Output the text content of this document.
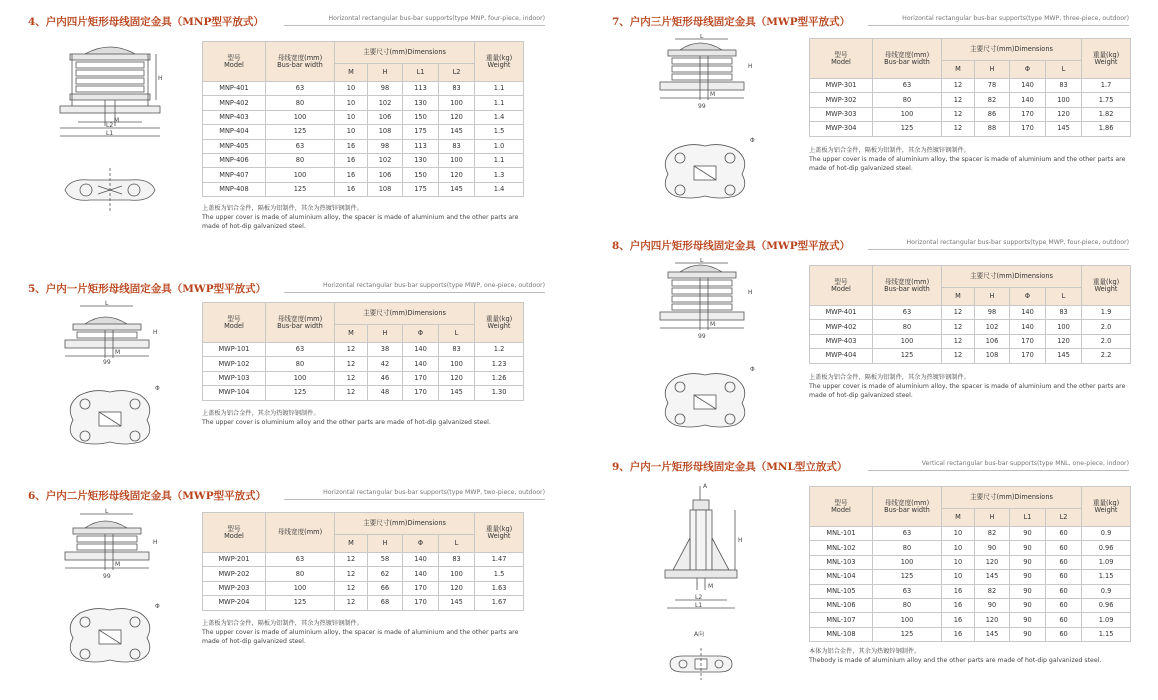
4、户内四片矩形母线固定金具（MNP型平放式）	Horizontal rectangular bus-bar supports(type MNP, four-piece, indoor)
H
M
L2
L1
型号
Model	母线宽度(mm)
Bus-bar width	主要尺寸(mm)Dimensions				重量(kg)
Weight

		M	H	L1	L2	
MNP-401	63	10	98	113	83	1.1
MNP-402	80	10	102	130	100	1.1
MNP-403	100	10	106	150	120	1.4
MNP-404	125	10	108	175	145	1.5
MNP-405	63	16	98	113	83	1.0
MNP-406	80	16	102	130	100	1.1
MNP-407	100	16	106	150	120	1.3
MNP-408	125	16	108	175	145	1.4
上盖板为铝合金件，隔板为铝制件，其余为热镀锌钢制件。
The upper cover is made of aluminium alloy, the spacer is made of aluminium and the other parts are made of hot-dip galvanized steel.
5、户内一片矩形母线固定金具（MWP型平放式）	Horizontal rectangular bus-bar supports(type MWP, one-piece, outdoor)
L
H
M
99
Φ
型号
Model	母线宽度(mm)
Bus-bar width	主要尺寸(mm)Dimensions				重量(kg)
Weight

		M	H	Φ	L	
MWP-101	63	12	38	140	83	1.2
MWP-102	80	12	42	140	100	1.23
MWP-103	100	12	46	170	120	1.26
MWP-104	125	12	48	170	145	1.30
上盖板为铝合金件，其余为热镀锌钢制件。
The upper cover is oluminium alloy and the other parts are made of hot-dip galvanized steel.
6、户内二片矩形母线固定金具（MWP型平放式）	Horizontal rectangular bus-bar supports(type MWP, two-piece, outdoor)
L
H
M
99
Φ
型号
Model	母线宽度(mm)	主要尺寸(mm)Dimensions				重量(kg)
Weight

		M	H	Φ	L	
MWP-201	63	12	58	140	83	1.47
MWP-202	80	12	62	140	100	1.5
MWP-203	100	12	66	170	120	1.63
MWP-204	125	12	68	170	145	1.67
上盖板为铝合金件，隔板为铝制件，其余为热镀锌钢制件。
The upper cover is made of aluminium alloy, the spacer is made of aluminium and the other parts are made of hot-dip galvanized steel.
7、户内三片矩形母线固定金具（MWP型平放式）	Horizontal rectangular bus-bar supports(type MWP, three-piece, outdoor)
L
H
M
99
Φ
型号
Model	母线宽度(mm)
Bus-bar width	主要尺寸(mm)Dimensions				重量(kg)
Weight

		M	H	Φ	L	
MWP-301	63	12	78	140	83	1.7
MWP-302	80	12	82	140	100	1.75
MWP-303	100	12	86	170	120	1.82
MWP-304	125	12	88	170	145	1.86
上盖板为铝合金件，隔板为铝制件，其余为热镀锌钢制件。
The upper cover is made of aluminium alloy, the spacer is made of aluminium and the other parts are made of hot-dip galvanized steel.
8、户内四片矩形母线固定金具（MWP型平放式）	Horizontal rectangular bus-bar supports(type MWP, four-piece, outdoor)
L
H
M
99
Φ
型号
Model	母线宽度(mm)
Bus-bar width	主要尺寸(mm)Dimensions				重量(kg)
Weight

		M	H	Φ	L	
MWP-401	63	12	98	140	83	1.9
MWP-402	80	12	102	140	100	2.0
MWP-403	100	12	106	170	120	2.0
MWP-404	125	12	108	170	145	2.2
上盖板为铝合金件，隔板为铝制件，其余为热镀锌钢制件。
The upper cover is made of aluminium alloy, the spacer is made of aluminium and the other parts are made of hot-dip galvanized steel.
9、户内一片矩形母线固定金具（MNL型立放式）	Vertical rectangular bus-bar supports(type MNL, one-piece, indoor)
A
H
M
L2
L1
A向
型号
Model	母线宽度(mm)
Bus-bar width	主要尺寸(mm)Dimensions				重量(kg)
Weight

		M	H	L1	L2	
MNL-101	63	10	82	90	60	0.9
MNL-102	80	10	90	90	60	0.96
MNL-103	100	10	120	90	60	1.09
MNL-104	125	10	145	90	60	1.15
MNL-105	63	16	82	90	60	0.9
MNL-106	80	16	90	90	60	0.96
MNL-107	100	16	120	90	60	1.09
MNL-108	125	16	145	90	60	1.15
本体为铝合金件，其余为热镀锌钢制件。
Thebody is made of aluminium alloy and the other parts are made of hot-dip galvanized steel.
